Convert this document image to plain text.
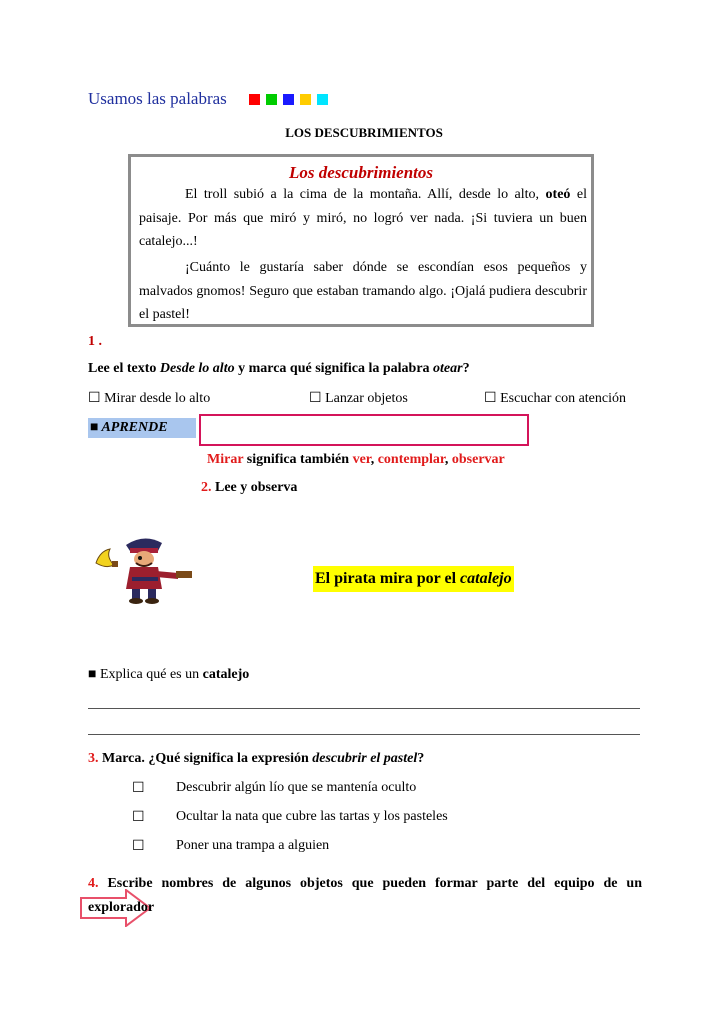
Usamos las palabras
LOS DESCUBRIMIENTOS
Los descubrimientos
El troll subió a la cima de la montaña. Allí, desde lo alto, oteó el paisaje. Por más que miró y miró, no logró ver nada. ¡Si tuviera un buen catalejo...!
¡Cuánto le gustaría saber dónde se escondían esos pequeños y malvados gnomos! Seguro que estaban tramando algo. ¡Ojalá pudiera descubrir el pastel!
1 .
Lee el texto Desde lo alto y marca qué significa la palabra otear?
☐ Mirar desde lo alto	☐ Lanzar objetos	☐ Escuchar con atención
■ APRENDE
Mirar significa también ver, contemplar, observar
2. Lee y observa
El pirata mira por el catalejo
■ Explica qué es un catalejo
3. Marca. ¿Qué significa la expresión descubrir el pastel?
☐ Descubrir algún lío que se mantenía oculto
☐ Ocultar la nata que cubre las tartas y los pasteles
☐ Poner una trampa a alguien
4. Escribe nombres de algunos objetos que pueden formar parte del equipo de un
explorador
